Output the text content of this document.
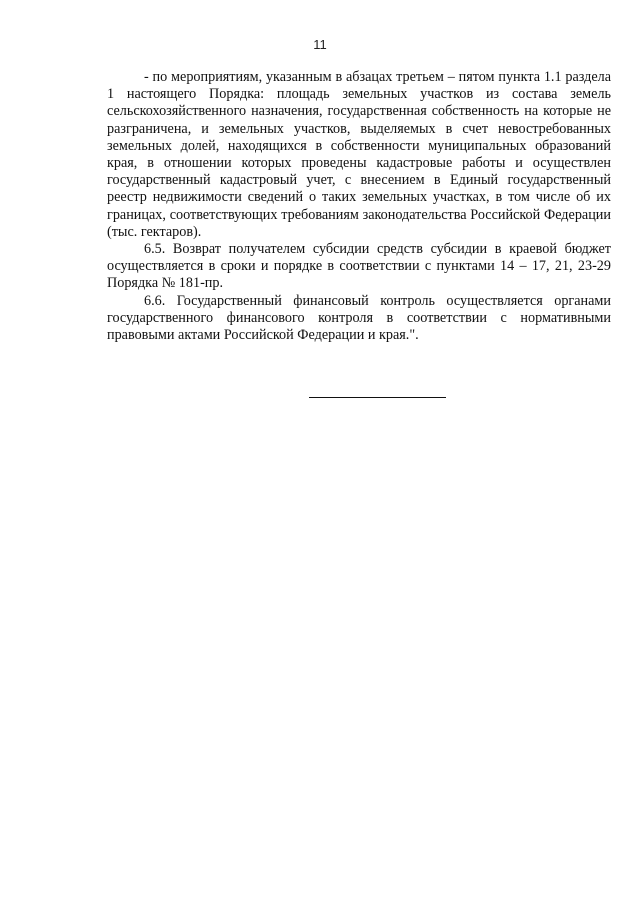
11

- по мероприятиям, указанным в абзацах третьем – пятом пункта 1.1 раздела 1 настоящего Порядка: площадь земельных участков из состава земель сельскохозяйственного назначения, государственная собственность на которые не разграничена, и земельных участков, выделяемых в счет невостребованных земельных долей, находящихся в собственности муниципальных образований края, в отношении которых проведены кадастровые работы и осуществлен государственный кадастровый учет, с внесением в Единый государственный реестр недвижимости сведений о таких земельных участках, в том числе об их границах, соответствующих требованиям законодательства Российской Федерации (тыс. гектаров).

6.5. Возврат получателем субсидии средств субсидии в краевой бюджет осуществляется в сроки и порядке в соответствии с пунктами 14 – 17, 21, 23-29 Порядка № 181-пр.

6.6. Государственный финансовый контроль осуществляется органами государственного финансового контроля в соответствии с нормативными правовыми актами Российской Федерации и края.".
